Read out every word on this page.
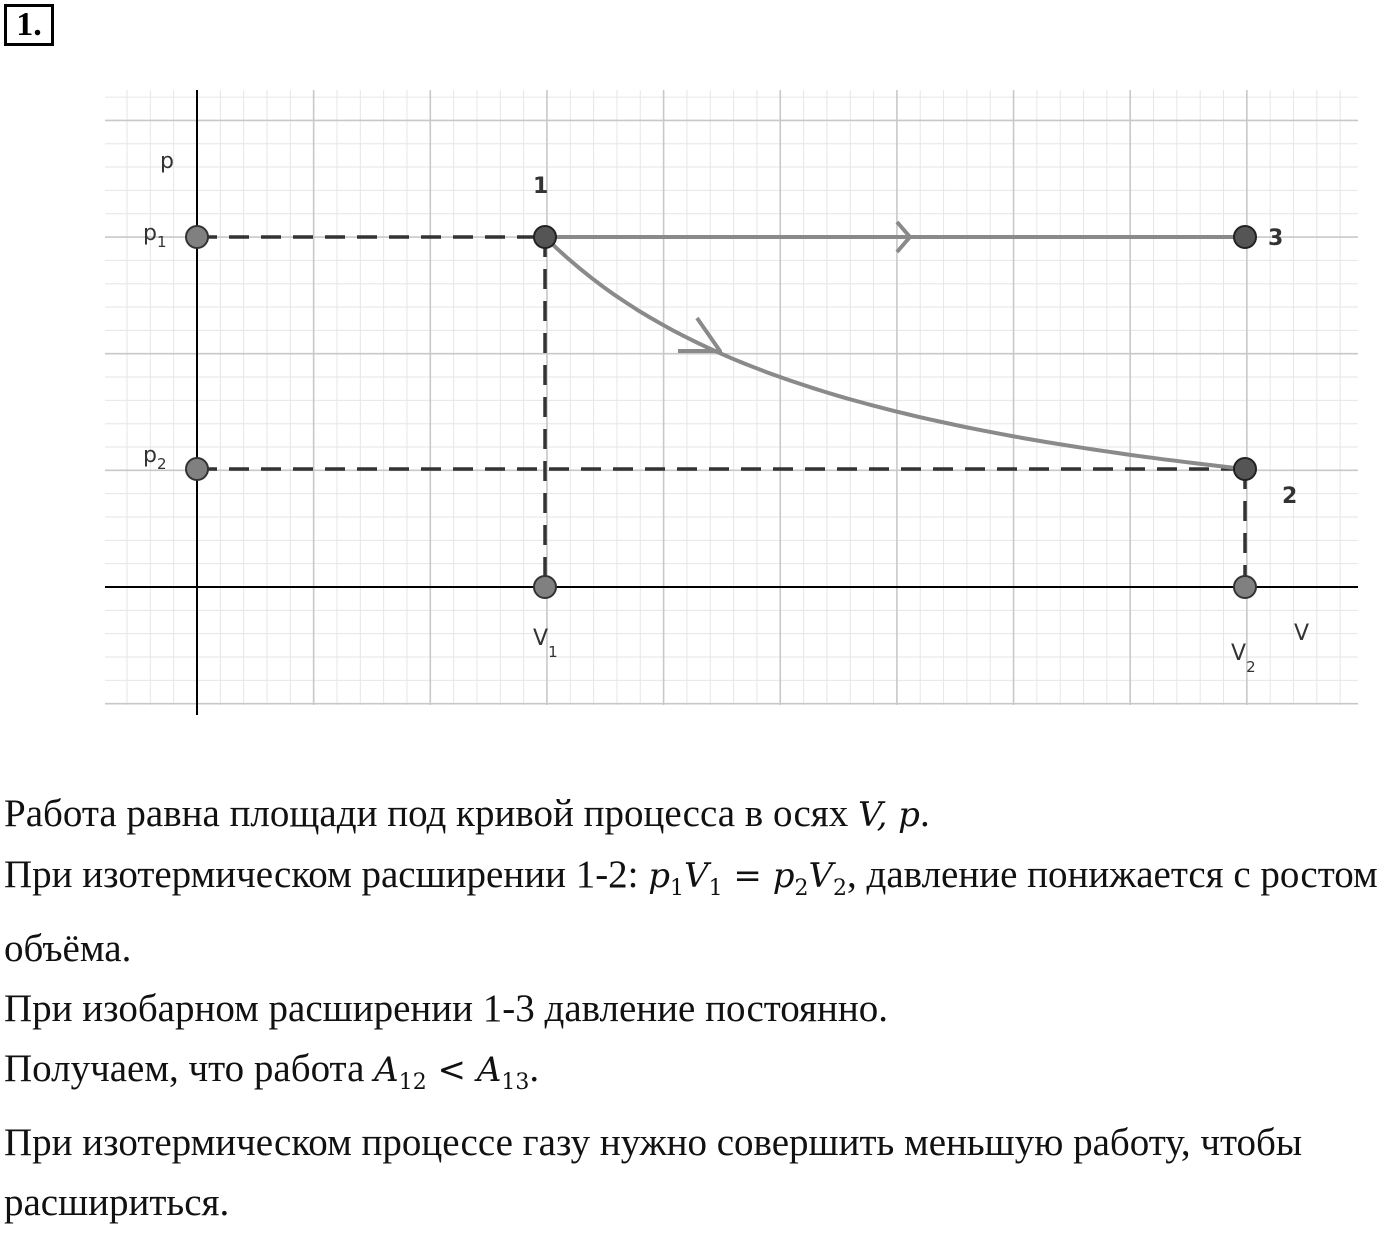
1.
p
V
$p_1$
$p_2$
$V_1$	$V_2$
1
2
3

Работа равна площади под кривой процесса в осях V, p.

При изотермическом расширении 1-2: $p_1V_1 = p_2V_2$, давление понижается с ростом объёма.

При изобарном расширении 1-3 давление постоянно.

Получаем, что работа $A_{12} < A_{13}$.

При изотермическом процессе газу нужно совершить меньшую работу, чтобы расшириться.
